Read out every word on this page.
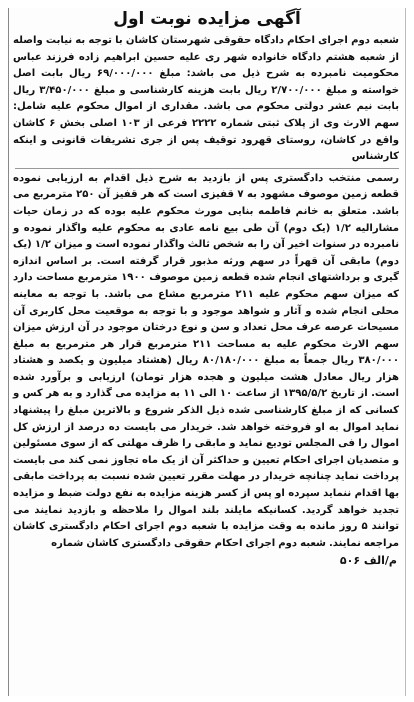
آگهی مزایده نوبت اول

شعبه دوم اجرای احکام دادگاه حقوقی شهرستان کاشان با توجه به نیابت واصله از شعبه هشتم دادگاه خانواده شهر ری علیه حسین ابراهیم زاده فرزند عباس محکومیت نامبرده به شرح ذیل می باشد: مبلغ ۶۹/۰۰۰/۰۰۰ ریال بابت اصل خواسته و مبلغ ۲/۷۰۰/۰۰۰ ریال بابت هزینه کارشناسی و مبلغ ۳/۴۵۰/۰۰۰ ریال بابت نیم عشر دولتی محکوم می باشد. مقداری از اموال محکوم علیه شامل: سهم الارث وی از پلاک ثبتی شماره ۲۲۲۲ فرعی از ۱۰۳ اصلی بخش ۶ کاشان واقع در کاشان، روستای قهرود توقیف پس از جری تشریفات قانونی و اینکه کارشناس

رسمی منتخب دادگستری پس از بازدید به شرح ذیل اقدام به ارزیابی نموده قطعه زمین موصوف مشهود به ۷ قفیزی است که هر قفیز آن ۲۵۰ مترمربع می باشد. متعلق به خانم فاطمه بنایی مورث محکوم علیه بوده که در زمان حیات مشارالیه ۱/۲ (یک دوم) آن طی بیع نامه عادی به محکوم علیه واگذار نموده و نامبرده در سنوات اخیر آن را به شخص ثالث واگذار نموده است و میزان ۱/۲ (یک دوم) مابقی آن قهراً در سهم ورثه مذبور قرار گرفته است. بر اساس اندازه گیری و برداشتهای انجام شده قطعه زمین موصوف ۱۹۰۰ مترمربع مساحت دارد که میزان سهم محکوم علیه ۲۱۱ مترمربع مشاع می باشد. با توجه به معاینه محلی انجام شده و آثار و شواهد موجود و با توجه به موقعیت محل کاربری آن مسیحات عرصه عرف محل تعداد و سن و نوع درختان موجود در آن ارزش میزان سهم الارث محکوم علیه به مساحت ۲۱۱ مترمربع قرار هر مترمربع به مبلغ ۳۸۰/۰۰۰ ریال جمعاً به مبلغ ۸۰/۱۸۰/۰۰۰ ریال (هشتاد میلیون و یکصد و هشتاد هزار ریال معادل هشت میلیون و هجده هزار تومان) ارزیابی و برآورد شده است. از تاریخ ۱۳۹۵/۵/۲ از ساعت ۱۰ الی ۱۱ به مزایده می گذارد و به هر کس و کسانی که از مبلغ کارشناسی شده ذیل الذکر شروع و بالاترین مبلغ را پیشنهاد نماید اموال به او فروخته خواهد شد. خریدار می بایست ده درصد از ارزش کل اموال را فی المجلس تودیع نماید و مابقی را ظرف مهلتی که از سوی مسئولین و متصدیان اجرای احکام تعیین و حداکثر آن از یک ماه تجاوز نمی کند می بایست پرداخت نماید چنانچه خریدار در مهلت مقرر تعیین شده نسبت به پرداخت مابقی بها اقدام ننماید سپرده او پس از کسر هزینه مزایده به نفع دولت ضبط و مزایده تجدید خواهد گردید. کسانیکه مایلند بلند اموال را ملاحظه و بازدید نمایند می توانند ۵ روز مانده به وقت مزایده با شعبه دوم اجرای احکام دادگستری کاشان مراجعه نمایند. شعبه دوم اجرای احکام حقوقی دادگستری کاشان شماره

م/الف ۵۰۶
